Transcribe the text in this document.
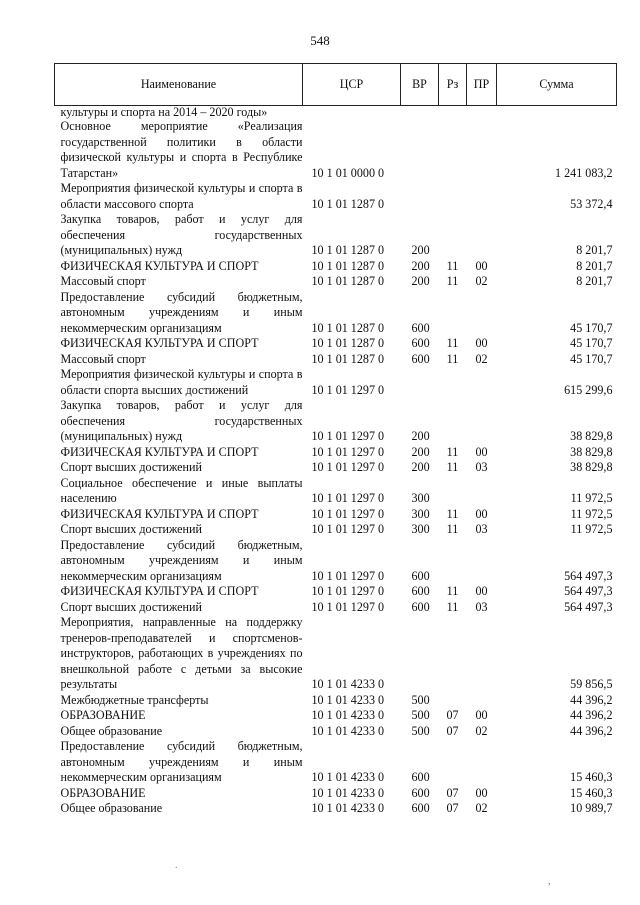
548
Наименование	ЦСР	ВР	Рз	ПР	Сумма
культуры и спорта на 2014 – 2020 годы»					
Основное мероприятие «Реализация государственной политики в области физической культуры и спорта в Республике Татарстан»	10 1 01 0000 0				1 241 083,2
Мероприятия физической культуры и спорта в области массового спорта	10 1 01 1287 0				53 372,4
Закупка товаров, работ и услуг для обеспечения государственных (муниципальных) нужд	10 1 01 1287 0	200			8 201,7
ФИЗИЧЕСКАЯ КУЛЬТУРА И СПОРТ	10 1 01 1287 0	200	11	00	8 201,7
Массовый спорт	10 1 01 1287 0	200	11	02	8 201,7
Предоставление субсидий бюджетным, автономным учреждениям и иным некоммерческим организациям	10 1 01 1287 0	600			45 170,7
ФИЗИЧЕСКАЯ КУЛЬТУРА И СПОРТ	10 1 01 1287 0	600	11	00	45 170,7
Массовый спорт	10 1 01 1287 0	600	11	02	45 170,7
Мероприятия физической культуры и спорта в области спорта высших достижений	10 1 01 1297 0				615 299,6
Закупка товаров, работ и услуг для обеспечения государственных (муниципальных) нужд	10 1 01 1297 0	200			38 829,8
ФИЗИЧЕСКАЯ КУЛЬТУРА И СПОРТ	10 1 01 1297 0	200	11	00	38 829,8
Спорт высших достижений	10 1 01 1297 0	200	11	03	38 829,8
Социальное обеспечение и иные выплаты населению	10 1 01 1297 0	300			11 972,5
ФИЗИЧЕСКАЯ КУЛЬТУРА И СПОРТ	10 1 01 1297 0	300	11	00	11 972,5
Спорт высших достижений	10 1 01 1297 0	300	11	03	11 972,5
Предоставление субсидий бюджетным, автономным учреждениям и иным некоммерческим организациям	10 1 01 1297 0	600			564 497,3
ФИЗИЧЕСКАЯ КУЛЬТУРА И СПОРТ	10 1 01 1297 0	600	11	00	564 497,3
Спорт высших достижений	10 1 01 1297 0	600	11	03	564 497,3
Мероприятия, направленные на поддержку тренеров-преподавателей и спортсменов-инструкторов, работающих в учреждениях по внешкольной работе с детьми за высокие результаты	10 1 01 4233 0				59 856,5
Межбюджетные трансферты	10 1 01 4233 0	500			44 396,2
ОБРАЗОВАНИЕ	10 1 01 4233 0	500	07	00	44 396,2
Общее образование	10 1 01 4233 0	500	07	02	44 396,2
Предоставление субсидий бюджетным, автономным учреждениям и иным некоммерческим организациям	10 1 01 4233 0	600			15 460,3
ОБРАЗОВАНИЕ	10 1 01 4233 0	600	07	00	15 460,3
Общее образование	10 1 01 4233 0	600	07	02	10 989,7
.
,
